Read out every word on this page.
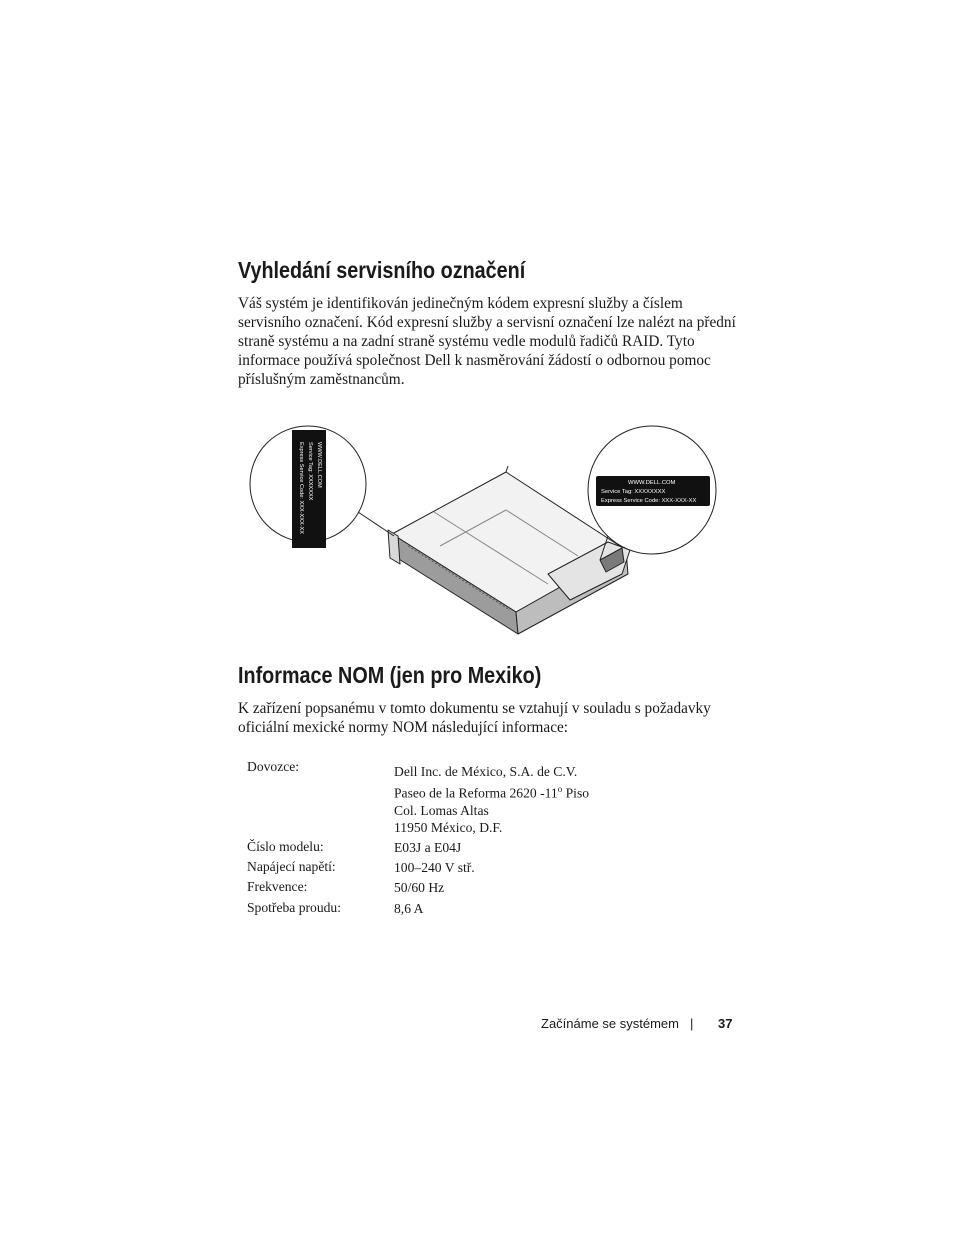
Vyhledání servisního označení
Váš systém je identifikován jedinečným kódem expresní služby a číslem
servisního označení. Kód expresní služby a servisní označení lze nalézt na přední
straně systému a na zadní straně systému vedle modulů řadičů RAID. Tyto
informace používá společnost Dell k nasměrování žádostí o odbornou pomoc
příslušným zaměstnancům.
WWW.DELL.COM
Service Tag: XXXXXXX
Express Service Code: XXX-XXX-XX	WWW.DELL.COM
Service Tag: XXXXXXXX
Express Service Code: XXX-XXX-XX
Informace NOM (jen pro Mexiko)
K zařízení popsanému v tomto dokumentu se vztahují v souladu s požadavky
oficiální mexické normy NOM následující informace:
Dovozce:	Dell Inc. de México, S.A. de C.V.
Paseo de la Reforma 2620 -11$^o$ Piso
Col. Lomas Altas
11950 México, D.F.
Číslo modelu:	E03J a E04J
Napájecí napětí:	100–240 V stř.
Frekvence:	50/60 Hz
Spotřeba proudu:	8,6 A
Začínáme se systémem | 37
